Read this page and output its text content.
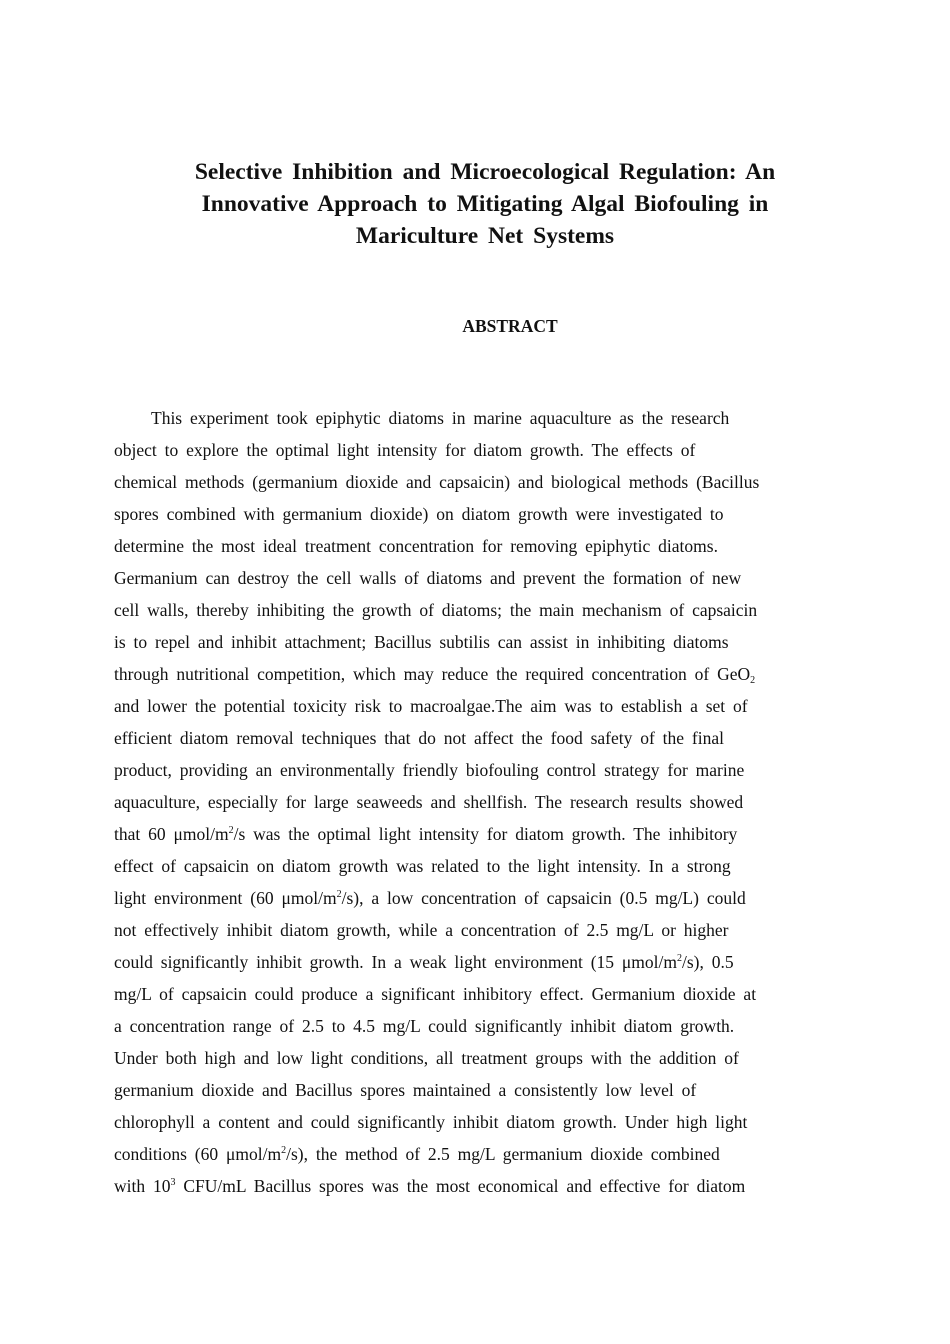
Selective Inhibition and Microecological Regulation: An
Innovative Approach to Mitigating Algal Biofouling in
Mariculture Net Systems
ABSTRACT
This experiment took epiphytic diatoms in marine aquaculture as the research
object to explore the optimal light intensity for diatom growth. The effects of
chemical methods (germanium dioxide and capsaicin) and biological methods (Bacillus
spores combined with germanium dioxide) on diatom growth were investigated to
determine the most ideal treatment concentration for removing epiphytic diatoms.
Germanium can destroy the cell walls of diatoms and prevent the formation of new
cell walls, thereby inhibiting the growth of diatoms; the main mechanism of capsaicin
is to repel and inhibit attachment; Bacillus subtilis can assist in inhibiting diatoms
through nutritional competition, which may reduce the required concentration of GeO$_2$
and lower the potential toxicity risk to macroalgae.The aim was to establish a set of
efficient diatom removal techniques that do not affect the food safety of the final
product, providing an environmentally friendly biofouling control strategy for marine
aquaculture, especially for large seaweeds and shellfish. The research results showed
that 60 μmol/$m^2/s$ was the optimal light intensity for diatom growth. The inhibitory
effect of capsaicin on diatom growth was related to the light intensity. In a strong
light environment (60 μmol/$m^2/s$), a low concentration of capsaicin (0.5 mg/L) could
not effectively inhibit diatom growth, while a concentration of 2.5 mg/L or higher
could significantly inhibit growth. In a weak light environment (15 μmol/$m^2/s$), 0.5
mg/L of capsaicin could produce a significant inhibitory effect. Germanium dioxide at
a concentration range of 2.5 to 4.5 mg/L could significantly inhibit diatom growth.
Under both high and low light conditions, all treatment groups with the addition of
germanium dioxide and Bacillus spores maintained a consistently low level of
chlorophyll a content and could significantly inhibit diatom growth. Under high light
conditions (60 μmol/$m^2/s$), the method of 2.5 mg/L germanium dioxide combined
with $10^3$ CFU/mL Bacillus spores was the most economical and effective for diatom
